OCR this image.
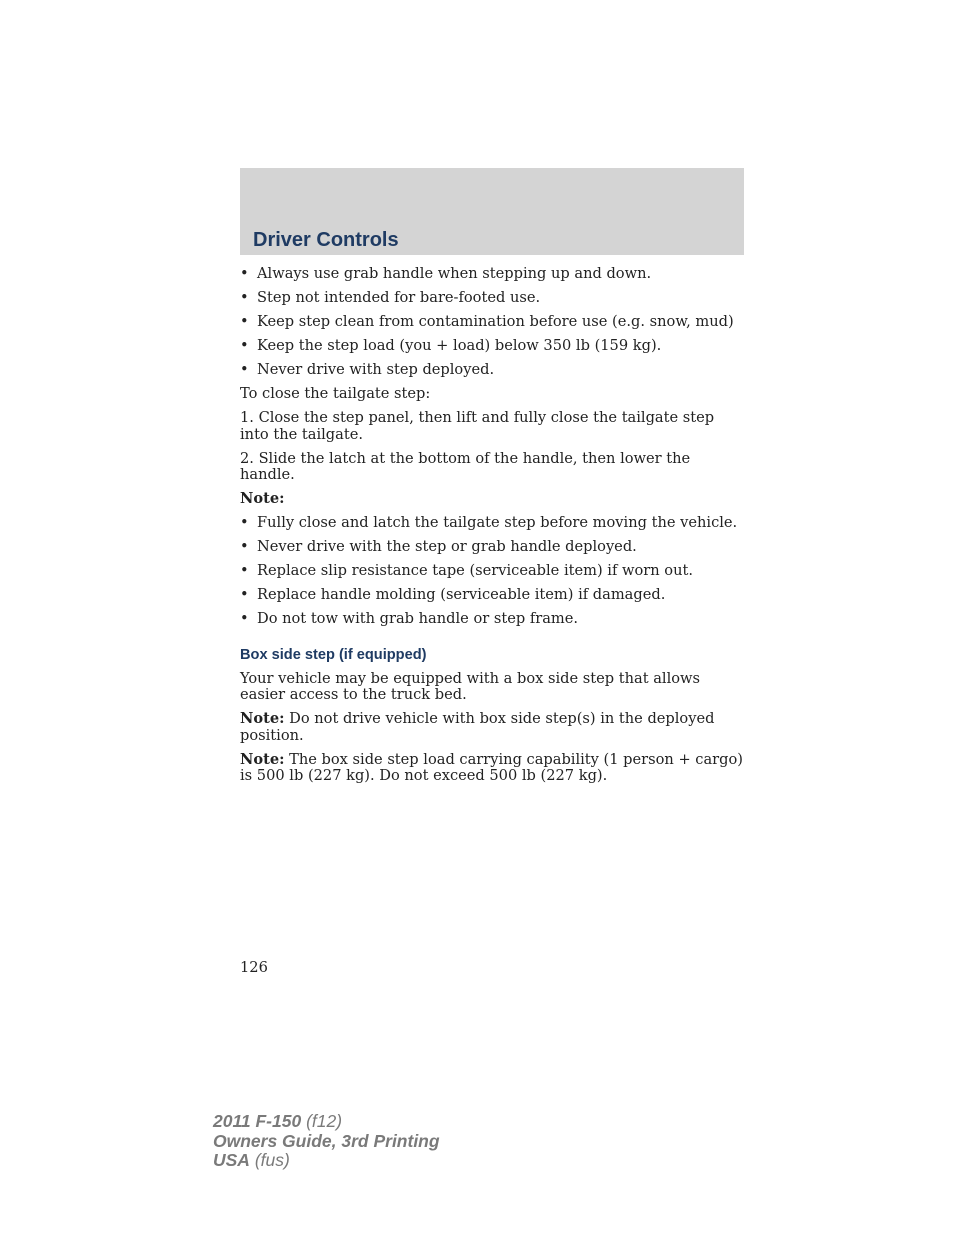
Driver Controls
• Always use grab handle when stepping up and down.
• Step not intended for bare-footed use.
• Keep step clean from contamination before use (e.g. snow, mud)
• Keep the step load (you + load) below 350 lb (159 kg).
• Never drive with step deployed.

To close the tailgate step:

1. Close the step panel, then lift and fully close the tailgate step into the tailgate.

2. Slide the latch at the bottom of the handle, then lower the handle.

Note:

• Fully close and latch the tailgate step before moving the vehicle.
• Never drive with the step or grab handle deployed.
• Replace slip resistance tape (serviceable item) if worn out.
• Replace handle molding (serviceable item) if damaged.
• Do not tow with grab handle or step frame.
Box side step (if equipped)

Your vehicle may be equipped with a box side step that allows easier access to the truck bed.

Note: Do not drive vehicle with box side step(s) in the deployed position.

Note: The box side step load carrying capability (1 person + cargo) is 500 lb (227 kg). Do not exceed 500 lb (227 kg).

126
2011 F-150 (f12)
Owners Guide, 3rd Printing
USA (fus)
